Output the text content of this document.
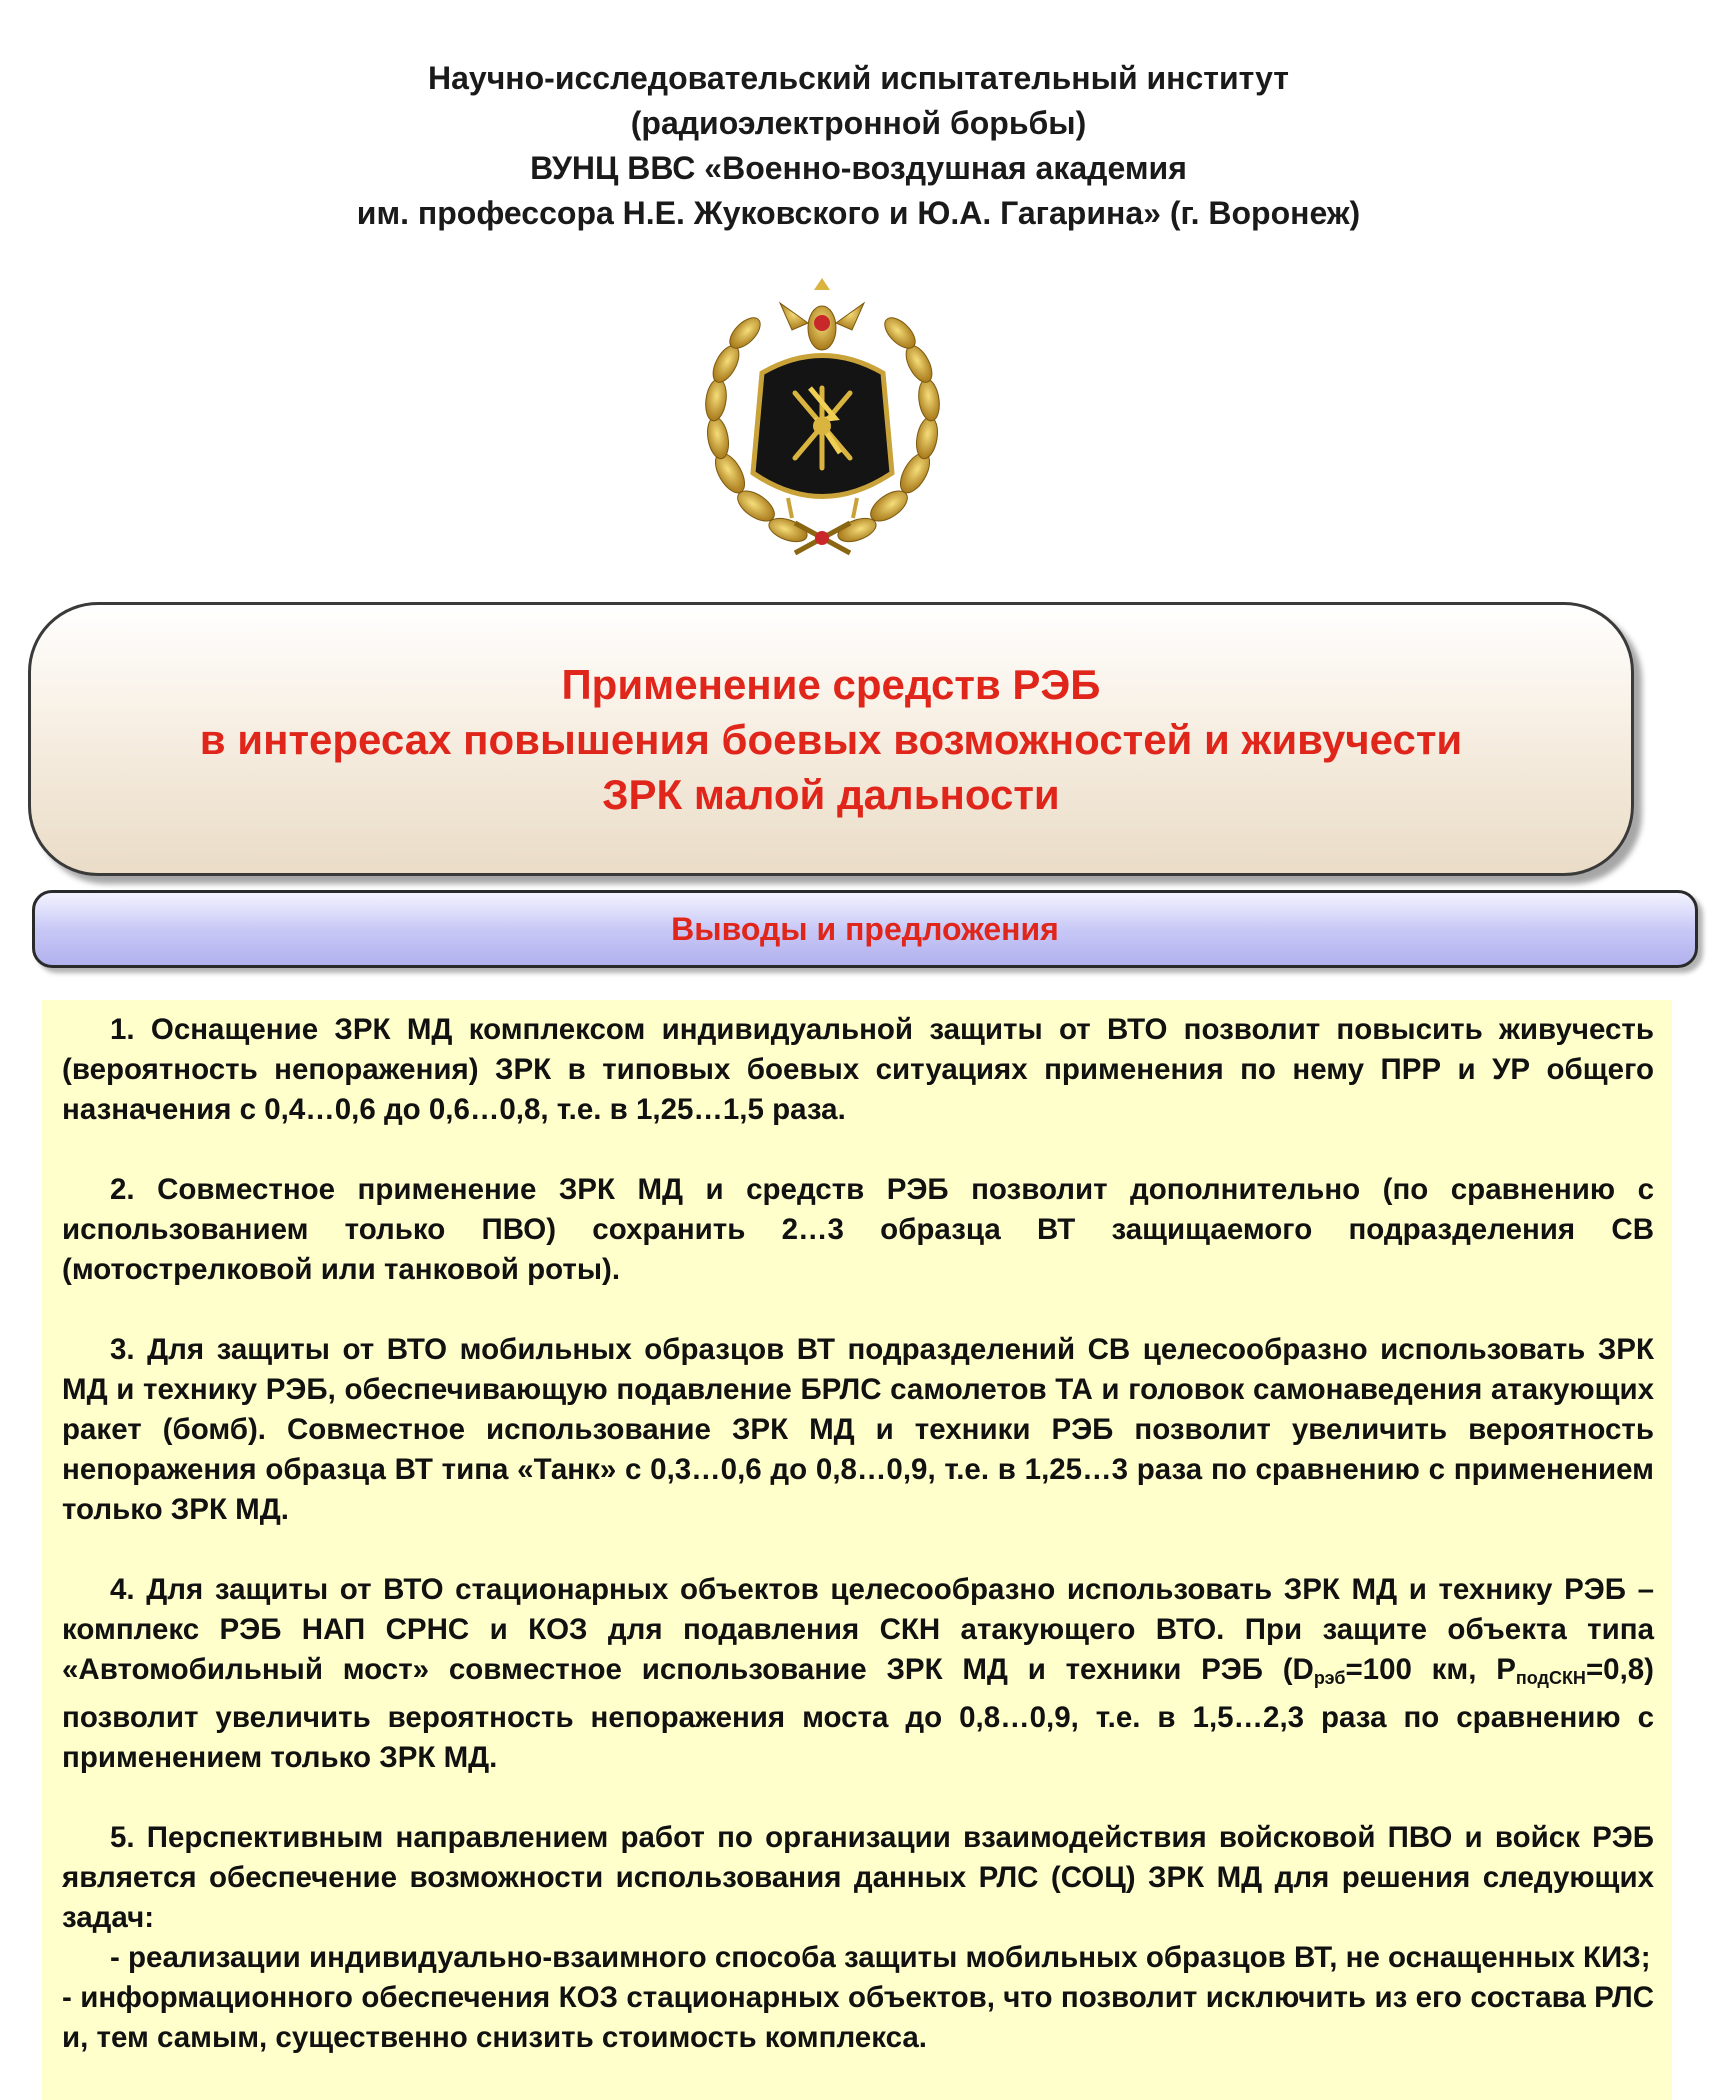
Научно-исследовательский испытательный институт
(радиоэлектронной борьбы)
ВУНЦ ВВС «Военно-воздушная академия
им. профессора Н.Е. Жуковского и Ю.А. Гагарина» (г. Воронеж)
Применение средств РЭБ
в интересах повышения боевых возможностей и живучести
ЗРК малой дальности
Выводы и предложения

1. Оснащение ЗРК МД комплексом индивидуальной защиты от ВТО позволит повысить живучесть (вероятность непоражения) ЗРК в типовых боевых ситуациях применения по нему ПРР и УР общего назначения с 0,4…0,6 до 0,6…0,8, т.е. в 1,25…1,5 раза.

2. Совместное применение ЗРК МД и средств РЭБ позволит дополнительно (по сравнению с использованием только ПВО) сохранить 2…3 образца ВТ защищаемого подразделения СВ (мотострелковой или танковой роты).

3. Для защиты от ВТО мобильных образцов ВТ подразделений СВ целесообразно использовать ЗРК МД и технику РЭБ, обеспечивающую подавление БРЛС самолетов ТА и головок самонаведения атакующих ракет (бомб). Совместное использование ЗРК МД и техники РЭБ позволит увеличить вероятность непоражения образца ВТ типа «Танк» с 0,3…0,6 до 0,8…0,9, т.е. в 1,25…3 раза по сравнению с применением только ЗРК МД.

4. Для защиты от ВТО стационарных объектов целесообразно использовать ЗРК МД и технику РЭБ – комплекс РЭБ НАП СРНС и КОЗ для подавления СКН атакующего ВТО. При защите объекта типа «Автомобильный мост» совместное использование ЗРК МД и техники РЭБ ($D_{рэб}=100$ км, $P_{подСКН}=0,8$) позволит увеличить вероятность непоражения моста до 0,8…0,9, т.е. в 1,5…2,3 раза по сравнению с применением только ЗРК МД.

5. Перспективным направлением работ по организации взаимодействия войсковой ПВО и войск РЭБ является обеспечение возможности использования данных РЛС (СОЦ) ЗРК МД для решения следующих задач:

- реализации индивидуально-взаимного способа защиты мобильных образцов ВТ, не оснащенных КИЗ;

- информационного обеспечения КОЗ стационарных объектов, что позволит исключить из его состава РЛС и, тем самым, существенно снизить стоимость комплекса.
